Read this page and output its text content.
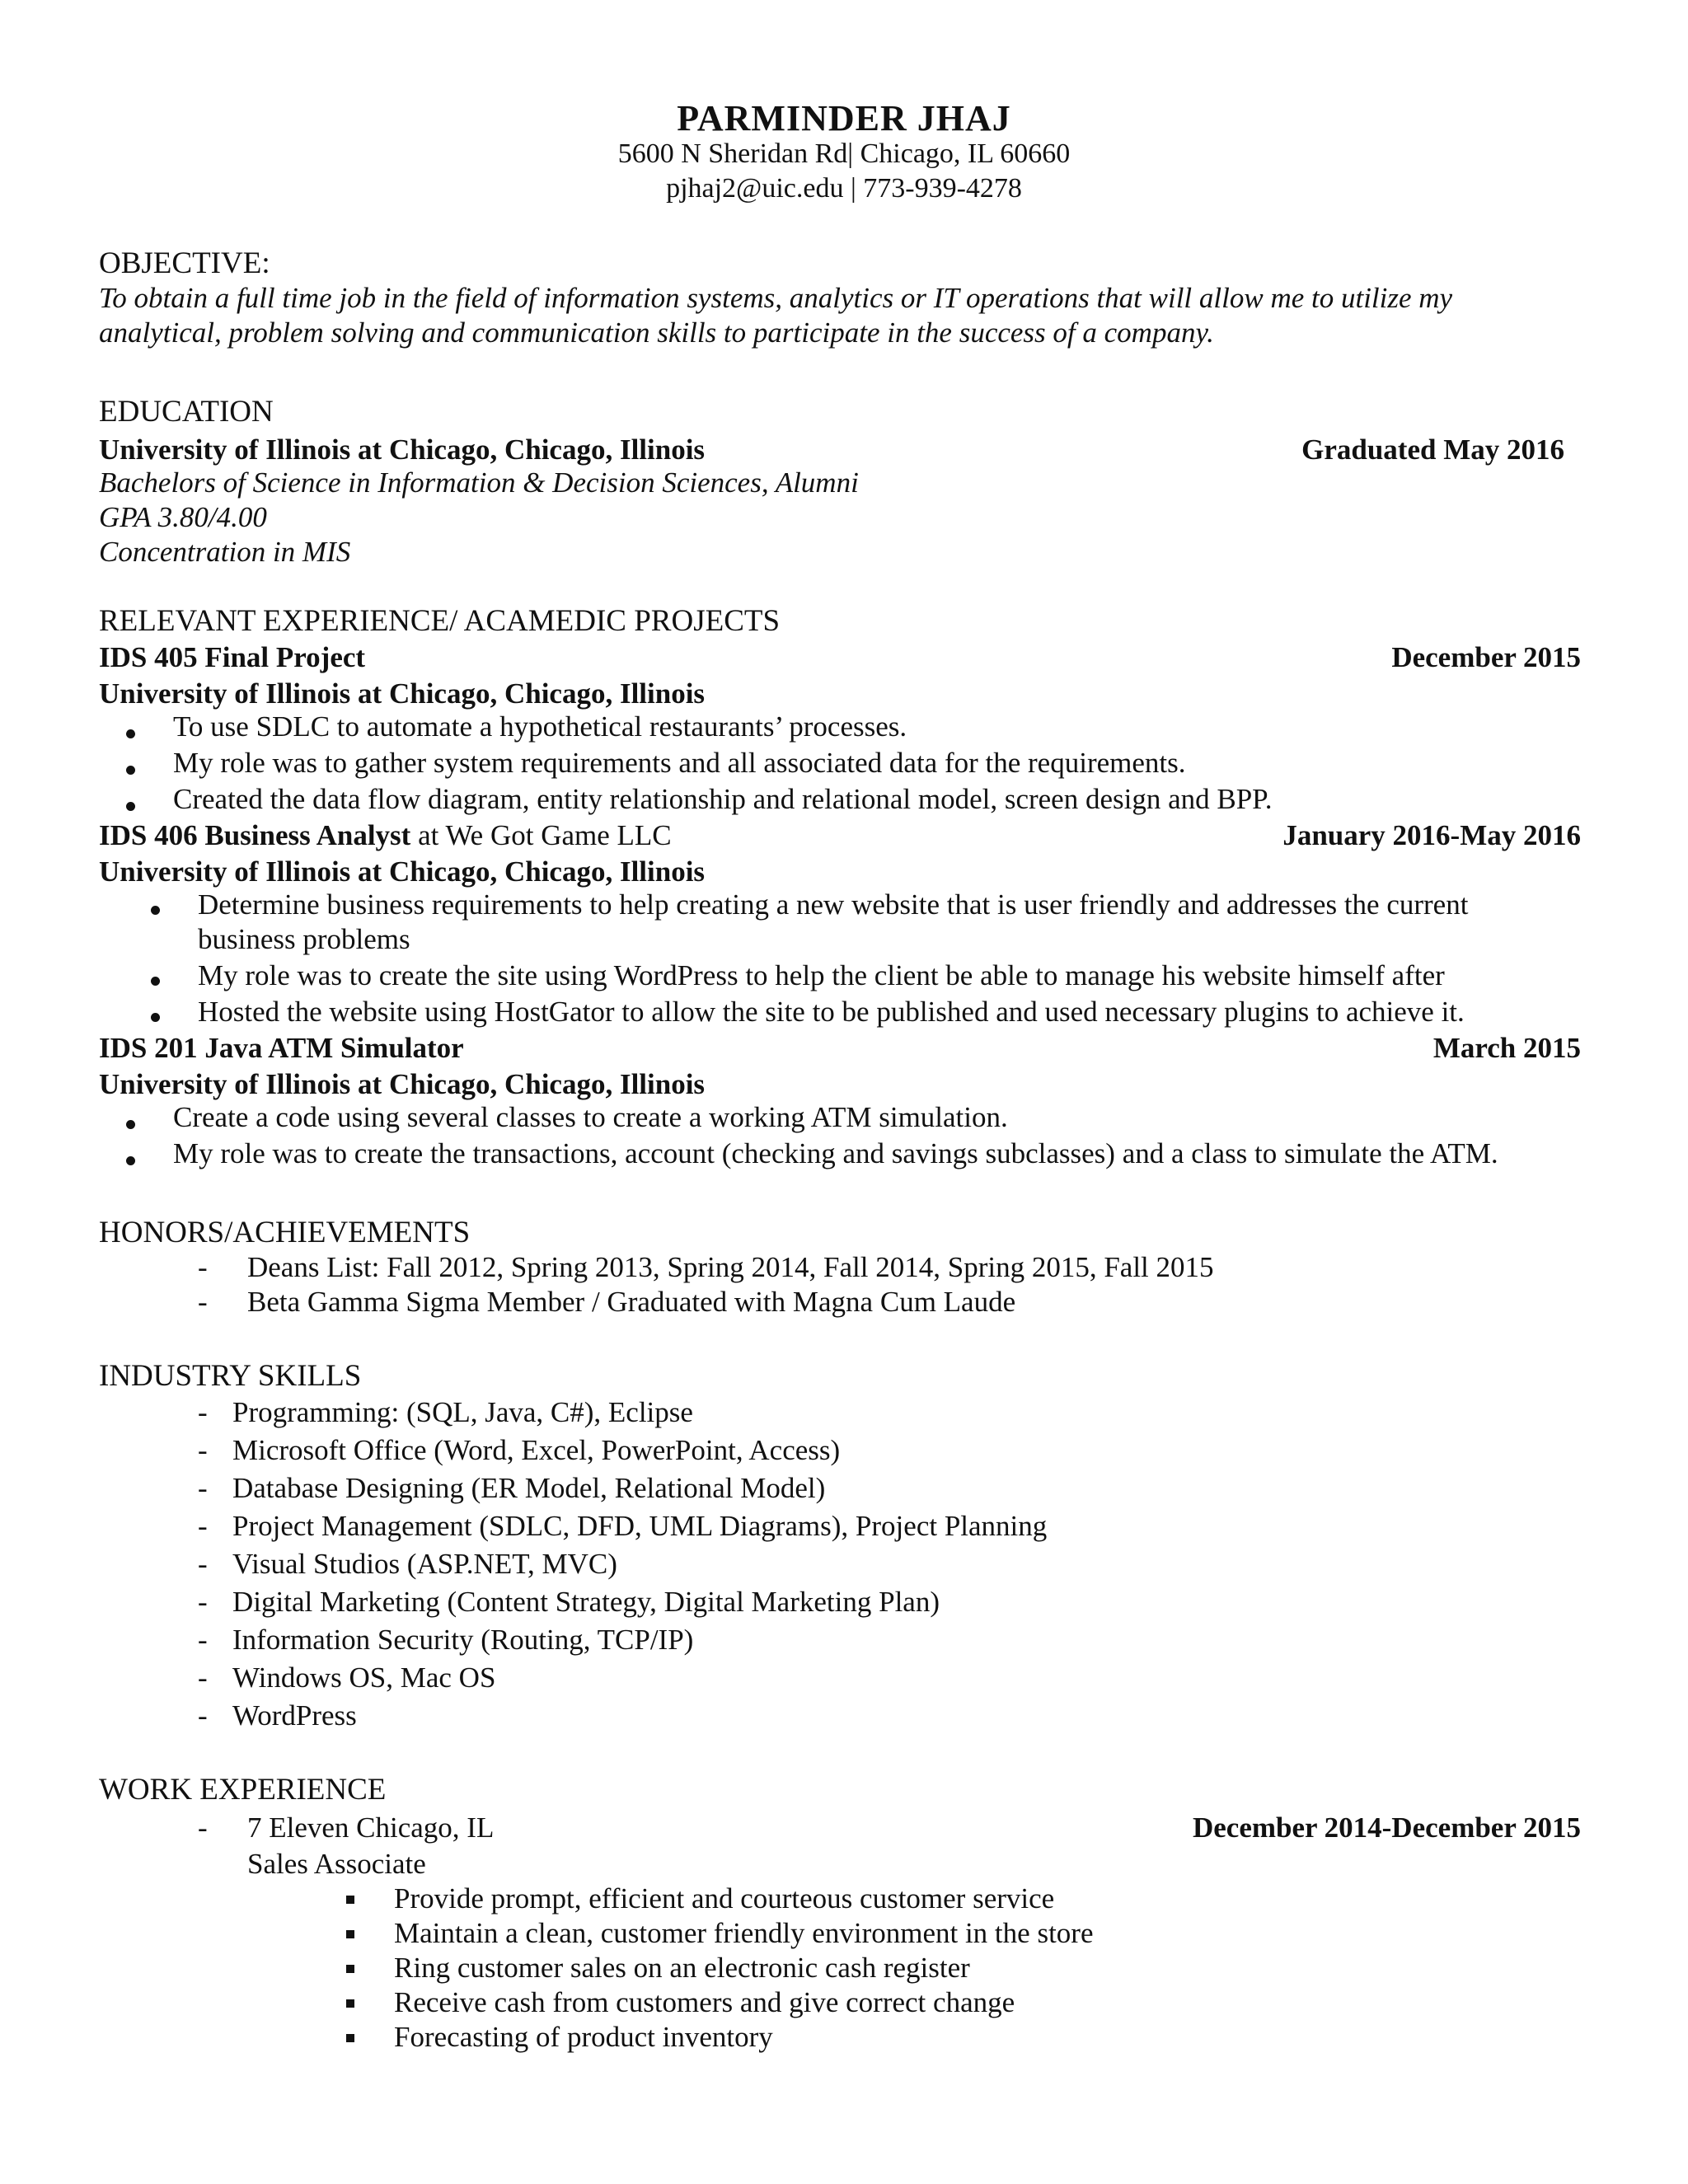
PARMINDER JHAJ
5600 N Sheridan Rd| Chicago, IL 60660
pjhaj2@uic.edu | 773-939-4278
OBJECTIVE:
To obtain a full time job in the field of information systems, analytics or IT operations that will allow me to utilize my
analytical, problem solving and communication skills to participate in the success of a company.
EDUCATION
University of Illinois at Chicago, Chicago, Illinois	Graduated May 2016
Bachelors of Science in Information & Decision Sciences, Alumni
GPA 3.80/4.00
Concentration in MIS
RELEVANT EXPERIENCE/ ACAMEDIC PROJECTS
IDS 405 Final Project	December 2015
University of Illinois at Chicago, Chicago, Illinois
To use SDLC to automate a hypothetical restaurants’ processes.
My role was to gather system requirements and all associated data for the requirements.
Created the data flow diagram, entity relationship and relational model, screen design and BPP.
IDS 406 Business Analyst at We Got Game LLC	January 2016-May 2016
University of Illinois at Chicago, Chicago, Illinois
Determine business requirements to help creating a new website that is user friendly and addresses the current
business problems
My role was to create the site using WordPress to help the client be able to manage his website himself after
Hosted the website using HostGator to allow the site to be published and used necessary plugins to achieve it.
IDS 201 Java ATM Simulator	March 2015
University of Illinois at Chicago, Chicago, Illinois
Create a code using several classes to create a working ATM simulation.
My role was to create the transactions, account (checking and savings subclasses) and a class to simulate the ATM.
HONORS/ACHIEVEMENTS
- Deans List: Fall 2012, Spring 2013, Spring 2014, Fall 2014, Spring 2015, Fall 2015
- Beta Gamma Sigma Member / Graduated with Magna Cum Laude
INDUSTRY SKILLS
- Programming: (SQL, Java, C#), Eclipse
- Microsoft Office (Word, Excel, PowerPoint, Access)
- Database Designing (ER Model, Relational Model)
- Project Management (SDLC, DFD, UML Diagrams), Project Planning
- Visual Studios (ASP.NET, MVC)
- Digital Marketing (Content Strategy, Digital Marketing Plan)
- Information Security (Routing, TCP/IP)
- Windows OS, Mac OS
- WordPress
WORK EXPERIENCE
- 7 Eleven Chicago, IL	December 2014-December 2015
Sales Associate
Provide prompt, efficient and courteous customer service
Maintain a clean, customer friendly environment in the store
Ring customer sales on an electronic cash register
Receive cash from customers and give correct change
Forecasting of product inventory
